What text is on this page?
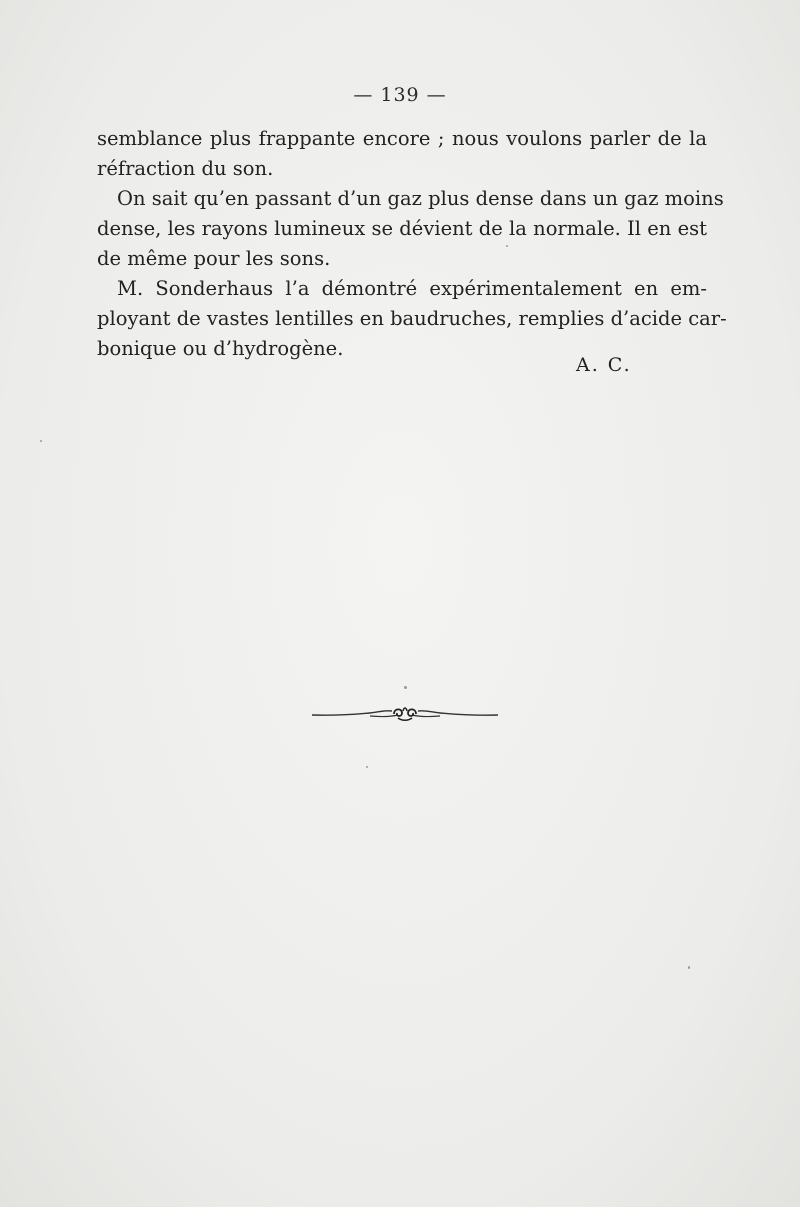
— 139 —
semblance plus frappante encore ; nous voulons parler de la
réfraction du son.
On sait qu’en passant d’un gaz plus dense dans un gaz moins
dense, les rayons lumineux se dévient de la normale. Il en est
de même pour les sons.
M. Sonderhaus l’a démontré expérimentalement en em-
ployant de vastes lentilles en baudruches, remplies d’acide car-
bonique ou d’hydrogène.
A. C.
